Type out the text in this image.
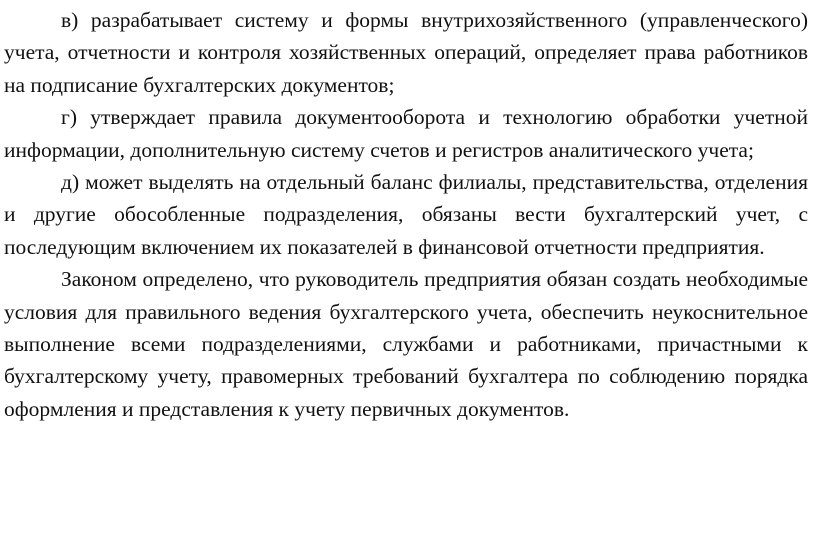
в) разрабатывает систему и формы внутрихозяйственного (управленческого) учета, отчетности и контроля хозяйственных операций, определяет права работников на подписание бухгалтерских документов;

г) утверждает правила документооборота и технологию обработки учетной информации, дополнительную систему счетов и регистров аналитического учета;

д) может выделять на отдельный баланс филиалы, представительства, отделения и другие обособленные подразделения, обязаны вести бухгалтерский учет, с последующим включением их показателей в финансовой отчетности предприятия.

Законом определено, что руководитель предприятия обязан создать необходимые условия для правильного ведения бухгалтерского учета, обеспечить неукоснительное выполнение всеми подразделениями, службами и работниками, причастными к бухгалтерскому учету, правомерных требований бухгалтера по соблюдению порядка оформления и представления к учету первичных документов.
